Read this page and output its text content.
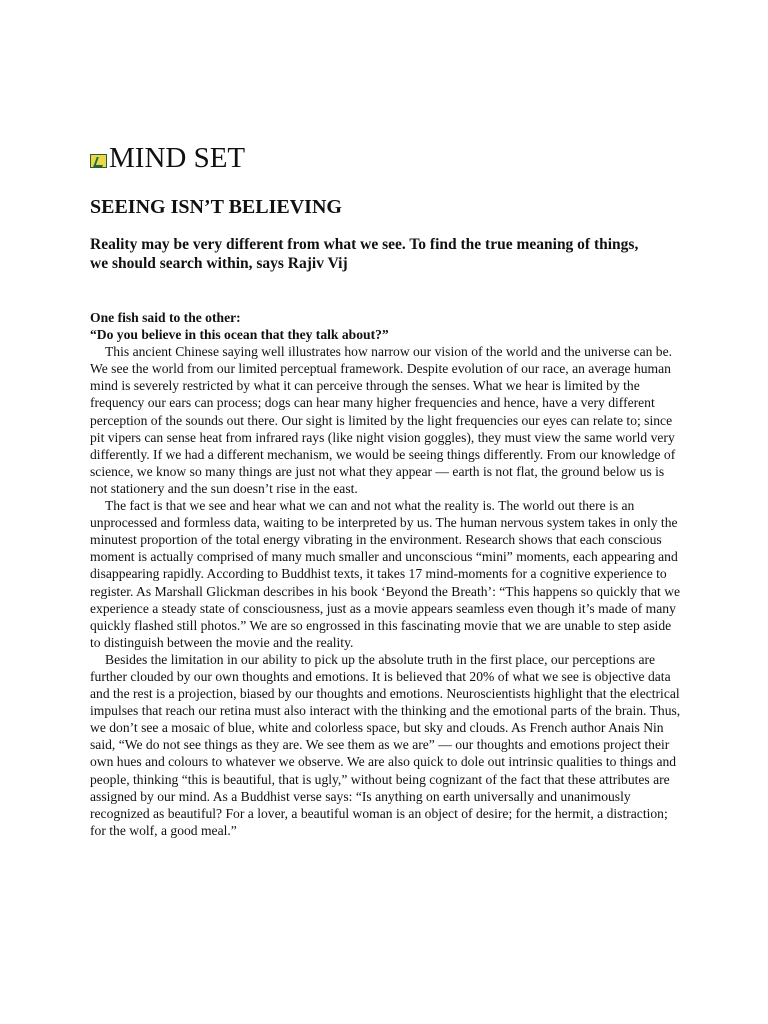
MIND SET
SEEING ISN’T BELIEVING

Reality may be very different from what we see. To find the true meaning of things, we should search within, says Rajiv Vij

One fish said to the other:

“Do you believe in this ocean that they talk about?”

This ancient Chinese saying well illustrates how narrow our vision of the world and the universe can be. We see the world from our limited perceptual framework. Despite evolution of our race, an average human mind is severely restricted by what it can perceive through the senses. What we hear is limited by the frequency our ears can process; dogs can hear many higher frequencies and hence, have a very different perception of the sounds out there. Our sight is limited by the light frequencies our eyes can relate to; since pit vipers can sense heat from infrared rays (like night vision goggles), they must view the same world very differently. If we had a different mechanism, we would be seeing things differently. From our knowledge of science, we know so many things are just not what they appear — earth is not flat, the ground below us is not stationery and the sun doesn’t rise in the east.

The fact is that we see and hear what we can and not what the reality is. The world out there is an unprocessed and formless data, waiting to be interpreted by us. The human nervous system takes in only the minutest proportion of the total energy vibrating in the environment. Research shows that each conscious moment is actually comprised of many much smaller and unconscious “mini” moments, each appearing and disappearing rapidly. According to Buddhist texts, it takes 17 mind-moments for a cognitive experience to register. As Marshall Glickman describes in his book ‘Beyond the Breath’: “This happens so quickly that we experience a steady state of consciousness, just as a movie appears seamless even though it’s made of many quickly flashed still photos.” We are so engrossed in this fascinating movie that we are unable to step aside to distinguish between the movie and the reality.

Besides the limitation in our ability to pick up the absolute truth in the first place, our perceptions are further clouded by our own thoughts and emotions. It is believed that 20% of what we see is objective data and the rest is a projection, biased by our thoughts and emotions. Neuroscientists highlight that the electrical impulses that reach our retina must also interact with the thinking and the emotional parts of the brain. Thus, we don’t see a mosaic of blue, white and colorless space, but sky and clouds. As French author Anais Nin said, “We do not see things as they are. We see them as we are” — our thoughts and emotions project their own hues and colours to whatever we observe. We are also quick to dole out intrinsic qualities to things and people, thinking “this is beautiful, that is ugly,” without being cognizant of the fact that these attributes are assigned by our mind. As a Buddhist verse says: “Is anything on earth universally and unanimously recognized as beautiful? For a lover, a beautiful woman is an object of desire; for the hermit, a distraction; for the wolf, a good meal.”
